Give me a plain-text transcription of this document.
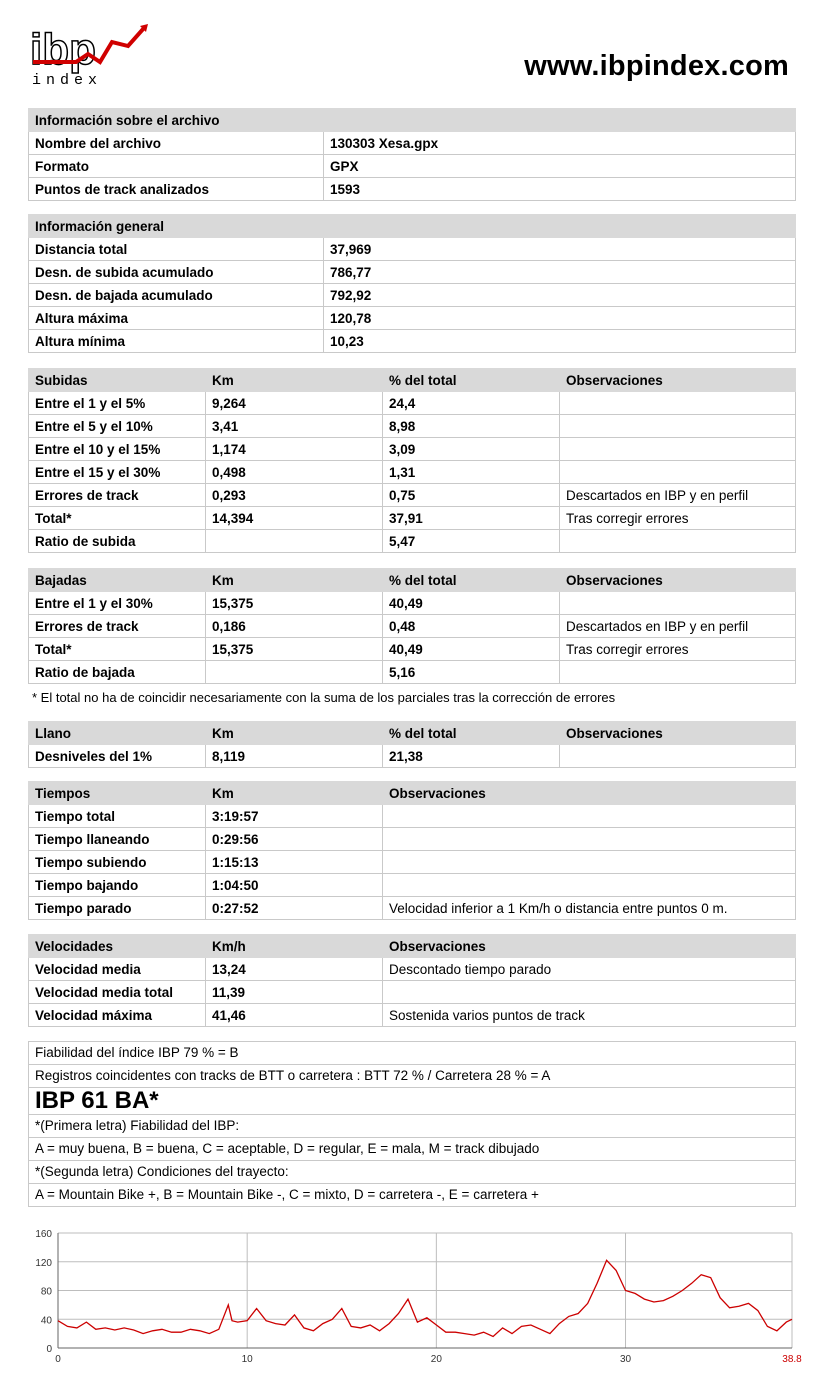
ibp
index	www.ibpindex.com
Información sobre el archivo	
Nombre del archivo	130303 Xesa.gpx
Formato	GPX
Puntos de track analizados	1593
Información general	
Distancia total	37,969
Desn. de subida acumulado	786,77
Desn. de bajada acumulado	792,92
Altura máxima	120,78
Altura mínima	10,23
Subidas	Km	% del total	Observaciones
Entre el 1 y el 5%	9,264	24,4	
Entre el 5 y el 10%	3,41	8,98	
Entre el 10 y el 15%	1,174	3,09	
Entre el 15 y el 30%	0,498	1,31	
Errores de track	0,293	0,75	Descartados en IBP y en perfil
Total*	14,394	37,91	Tras corregir errores
Ratio de subida		5,47	
Bajadas	Km	% del total	Observaciones
Entre el 1 y el 30%	15,375	40,49	
Errores de track	0,186	0,48	Descartados en IBP y en perfil
Total*	15,375	40,49	Tras corregir errores
Ratio de bajada		5,16	
* El total no ha de coincidir necesariamente con la suma de los parciales tras la corrección de errores
Llano	Km	% del total	Observaciones
Desniveles del 1%	8,119	21,38	
Tiempos	Km	Observaciones
Tiempo total	3:19:57	
Tiempo llaneando	0:29:56	
Tiempo subiendo	1:15:13	
Tiempo bajando	1:04:50	
Tiempo parado	0:27:52	Velocidad inferior a 1 Km/h o distancia entre puntos 0 m.
Velocidades	Km/h	Observaciones
Velocidad media	13,24	Descontado tiempo parado
Velocidad media total	11,39	
Velocidad máxima	41,46	Sostenida varios puntos de track
Fiabilidad del índice IBP 79 % = B
Registros coincidentes con tracks de BTT o carretera : BTT 72 % / Carretera 28 % = A
IBP 61 BA*
*(Primera letra) Fiabilidad del IBP:
A = muy buena, B = buena, C = aceptable, D = regular, E = mala, M = track dibujado
*(Segunda letra) Condiciones del trayecto:
A = Mountain Bike +, B = Mountain Bike -, C = mixto, D = carretera -, E = carretera +
0
40
80
120
160
0	10	20	30	38.8
